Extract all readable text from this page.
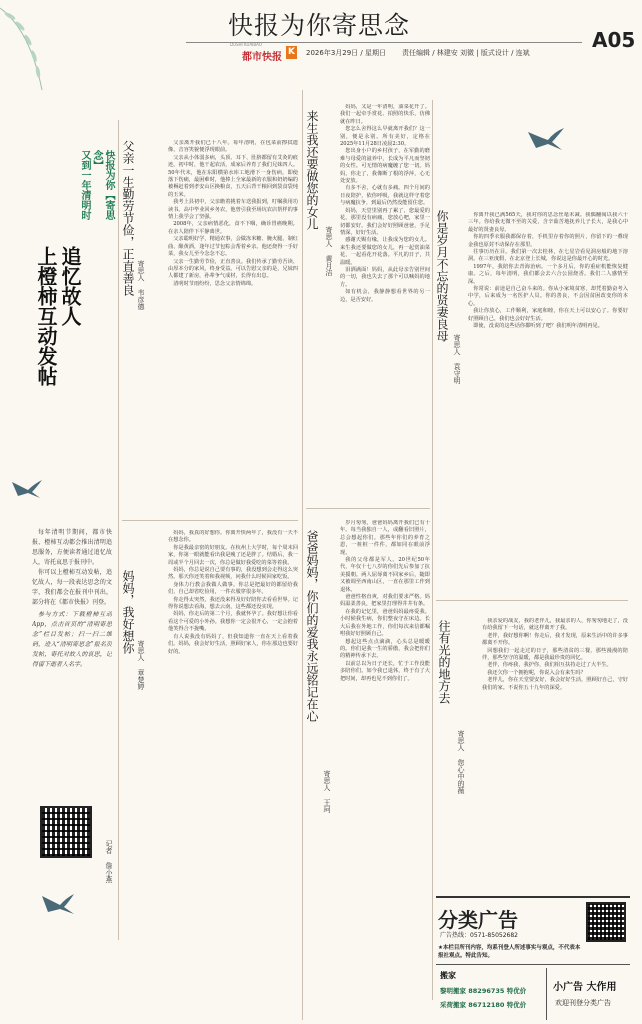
快报为你寄思念	A05
DUSHI KUAIBAO
都市快报 K 2026年3月29日 / 星期日 责任编辑 / 林建安 刘微 | 版式设计 / 连斌
快报为你【寄思念】
又到一年清明时
追忆故人
上橙柿互动发帖

每年清明节期间，都市快报、橙柿互动都会推出清明追思服务，方便读者通过追忆故人，寄托哀思于报刊中。

你可以上橙柿互动发帖，追忆故人，每一段表达思念的文字，我们都会在报刊中刊出，部分将在《都市快报》刊登。

参与方式：下载橙柿互动App，点击首页的“清明寄思念”栏目发帖；扫一扫二维码，进入“清明寄思念”报名页发帖，寄托对故人的哀思，记得留下逝者人名字。

记者 詹小燕
父亲一生勤劳节俭，正直善良 寄思人 韦彦德

父亲离开我们已十八年。每年清明，在包菜前擦拭遗像，音容笑貌便浮现眼前。

父亲从小体弱多病，头顶、耳下、肚脐都留有艾灸的痕迹。初中时，他干起农活，成家后养育了我们兄妹四人。50年代末，他在东阳横第水库工地滑下一身伤病，即使落下伤痛，最困难时，他捧上全家最新的衣服和奶奶编的被褥赶着到孝安山区换粮食，五天后背干粮回到袋食袋炖的玉米。

我考上县初中，父亲瞻着挑着车送我报到，叮嘱我用功读书。高中毕业回乡务农，他曾引我至场坑农店帮样的事情上我学会了坚强。

2008年，父亲病情恶化，食不下咽，确诊胃癌晚期。在亲人陪伴下平静离世。

父亲聪明好学，精通农事，会做冻米糖、腌火腿、制红曲、酿黄酒，逢年过节包粽会帮着乡亲。他还烧得一手好菜，我女儿至今念念不忘。

父亲一生勤劳节俭，正直善良。我们传承了勤劳吾读、由厚本分的家风，终身受益。可以告慰父亲的是，兄妹四人都建了新房，孙辈争气成材，长得有出息。

清明时节雨纷纷，思念父亲情绵绵。

妈妈，我好想你 寄思人 章楚婷

妈妈，我真的好想你。你离开快两年了，我没有一天不在想念你。

你是我最亲密的好朋友。在杭州上大学时，每个周末回家，你第一眼就能看出我是瘦了还是胖了。结婚后，我一周或半个月回去一次，你总是做好我爱吃的菜等着我。

妈妈，你总是说自己要有事的，我没想到会走得这么突然。那天你还笑着和我视频，问我什么时候回家吃饭。

身体力行教会我做人做事。你总是把最好的都留给我们，自己却省吃俭用，一件衣服穿很多年。

你走得太突然，我还没来得及好好陪你去看看世界。记得你说想去看海，想去云南，这些都还没实现。

妈妈，你走后的第二个月，我就怀孕了。我好想让你看看这个可爱的小外孙。我想你一定会很开心，一定会抱着他笑得合不拢嘴。

有人说我没有妈妈了，但我知道你一直在天上看着我们。妈妈，我会好好生活，照顾好家人，你在那边也要好好的。

来生我还要做您的女儿
寄思人 黄月洁

妈妈，又是一年清明，油菜花开了。我们一起牵手赏花、拍照的快乐，仿佛就在昨日。

您怎么舍得这么早就离开我们？这一别，便是永别。所有美好，定格在2025年11月28日凌晨2:30。

您出身小户的乡村孩子，在军勤的磨难与母爱的滋养中，长成为平凡而坚韧的女性。可无情的病魔缠了您一切。妈妈，你走了，我像断了根的浮萍，心无处安放。

有多不舍，心就有多痛。四个月间的日夜陪护，依你呼吸，我就这样守着您与病魔抗争，到最后仍然没能留住您。

妈妈，天堂里别再了累了，您最爱的花，那里没有病痛，您放心吧，家里一切都安好。我们会好好照顾爸爸，手足情深，好好生活。

感谢天赐有缘，让我成为您的女儿。来生我还要做您的女儿，再一起赏油菜花，一起看花开花落。平凡的日子，共温暖。

泪洒满面！妈妈，从此母亲告别世间的一切，我也失去了那个可以喊妈的地方。

如有机会，我静静想看世界的另一边，是否安好。

爸爸妈妈，你们的爱我永远铭记在心
寄思人 王珂

岁月匆匆，爸爸妈妈离开我们已有十年。每当我独自一人，或翻看旧照片，总会想起你们。那些年你们的养育之恩，一桩桩一件件，都如同在眼前浮现。

我的父母都是军人。20世纪50年代，年仅十七八岁的你们先后参加了抗美援朝。两人屈辱离不回家乡后，随即又被调至西南山区，一直在那里工作到退休。

爸爸性格直爽，对我们要求严格。妈妈温柔善良，把家里打理得井井有条。

在我的记忆里，爸爸妈妈最疼爱我。小时候我生病，你们整夜守在床边。长大后我在外地工作，你们每次来信都嘱咐我好好照顾自己。

想起这些点点滴滴，心头总是暖暖的。你们是我一生的骄傲，我会把你们的精神传承下去。

以前总以为日子还长，忙于工作没能多陪你们。如今我已退休，终于有了大把时间，却再也见不到你们了。

你是岁月不忘的贤妻良母
寄思人 袁守明

你离开我已满565天，我对你的思念丝毫未减。我偶翻阅以我六十三年。你给我无微不至的关爱，含辛茹苦地抚养儿子长大，是我心中最好的贤妻良母。

你的四季衣服我都保存着，手机里存着你的照片，你留下的一叠现金我也原封不动保存在那里。

往事历历在目。我们第一次去桂林，在七星岩看见洞房般的地下溶洞。在三亚度假，在北京登上长城，你说这是你最开心的时光。

1997年，我陪你去青海治病。一个多月后，你的重症机能恢复健康。之后，每年清明，我们都会去六合公园烧香。我们二人感情至深。

你常说：前途是自己奋斗来的。你从小家境贫寒，却凭着勤奋考入中学，后来成为一名医护人员。你的善良，不会因贫困改变你的本心。

我让你放心，工作顺利，家庭和睦，你在天上可以安心了。你要好好照顾自己，我们也会好好生活。

即使，没说的这些话你都听到了吧？我们明年清明再见。

往有光的地方去
寄思人 您心中的薇

我亲爱的战友，我的老伴儿，我最亲的人，你匆匆地走了，没有给我留下一句话，就这样离开了我。

老伴，我好想你啊！你走后，我才发现，原来生活中的许多事都离不开你。

回想我们一起走过的日子，那些清贫的三餐，那些漫漫的陪伴，那些坚守的温暖，都是我最珍贵的回忆。

老伴，你疼我，我护你，我们相互扶持走过了大半生。

我还欠你一个拥抱呢，你说入会有来生吗？

老伴儿，你在天堂要安好，我会好好生活，照顾好自己，守好我们的家。不说你五十九年的深爱。

分类广告
广告热线：0571-85052682
★本栏目所刊内容，均系刊登人所述事实与观点，不代表本报社观点。特此告知。
搬家
黎明搬家 88296735 特优价
采荷搬家 86712180 特优价
小广告 大作用
欢迎刊登分类广告
